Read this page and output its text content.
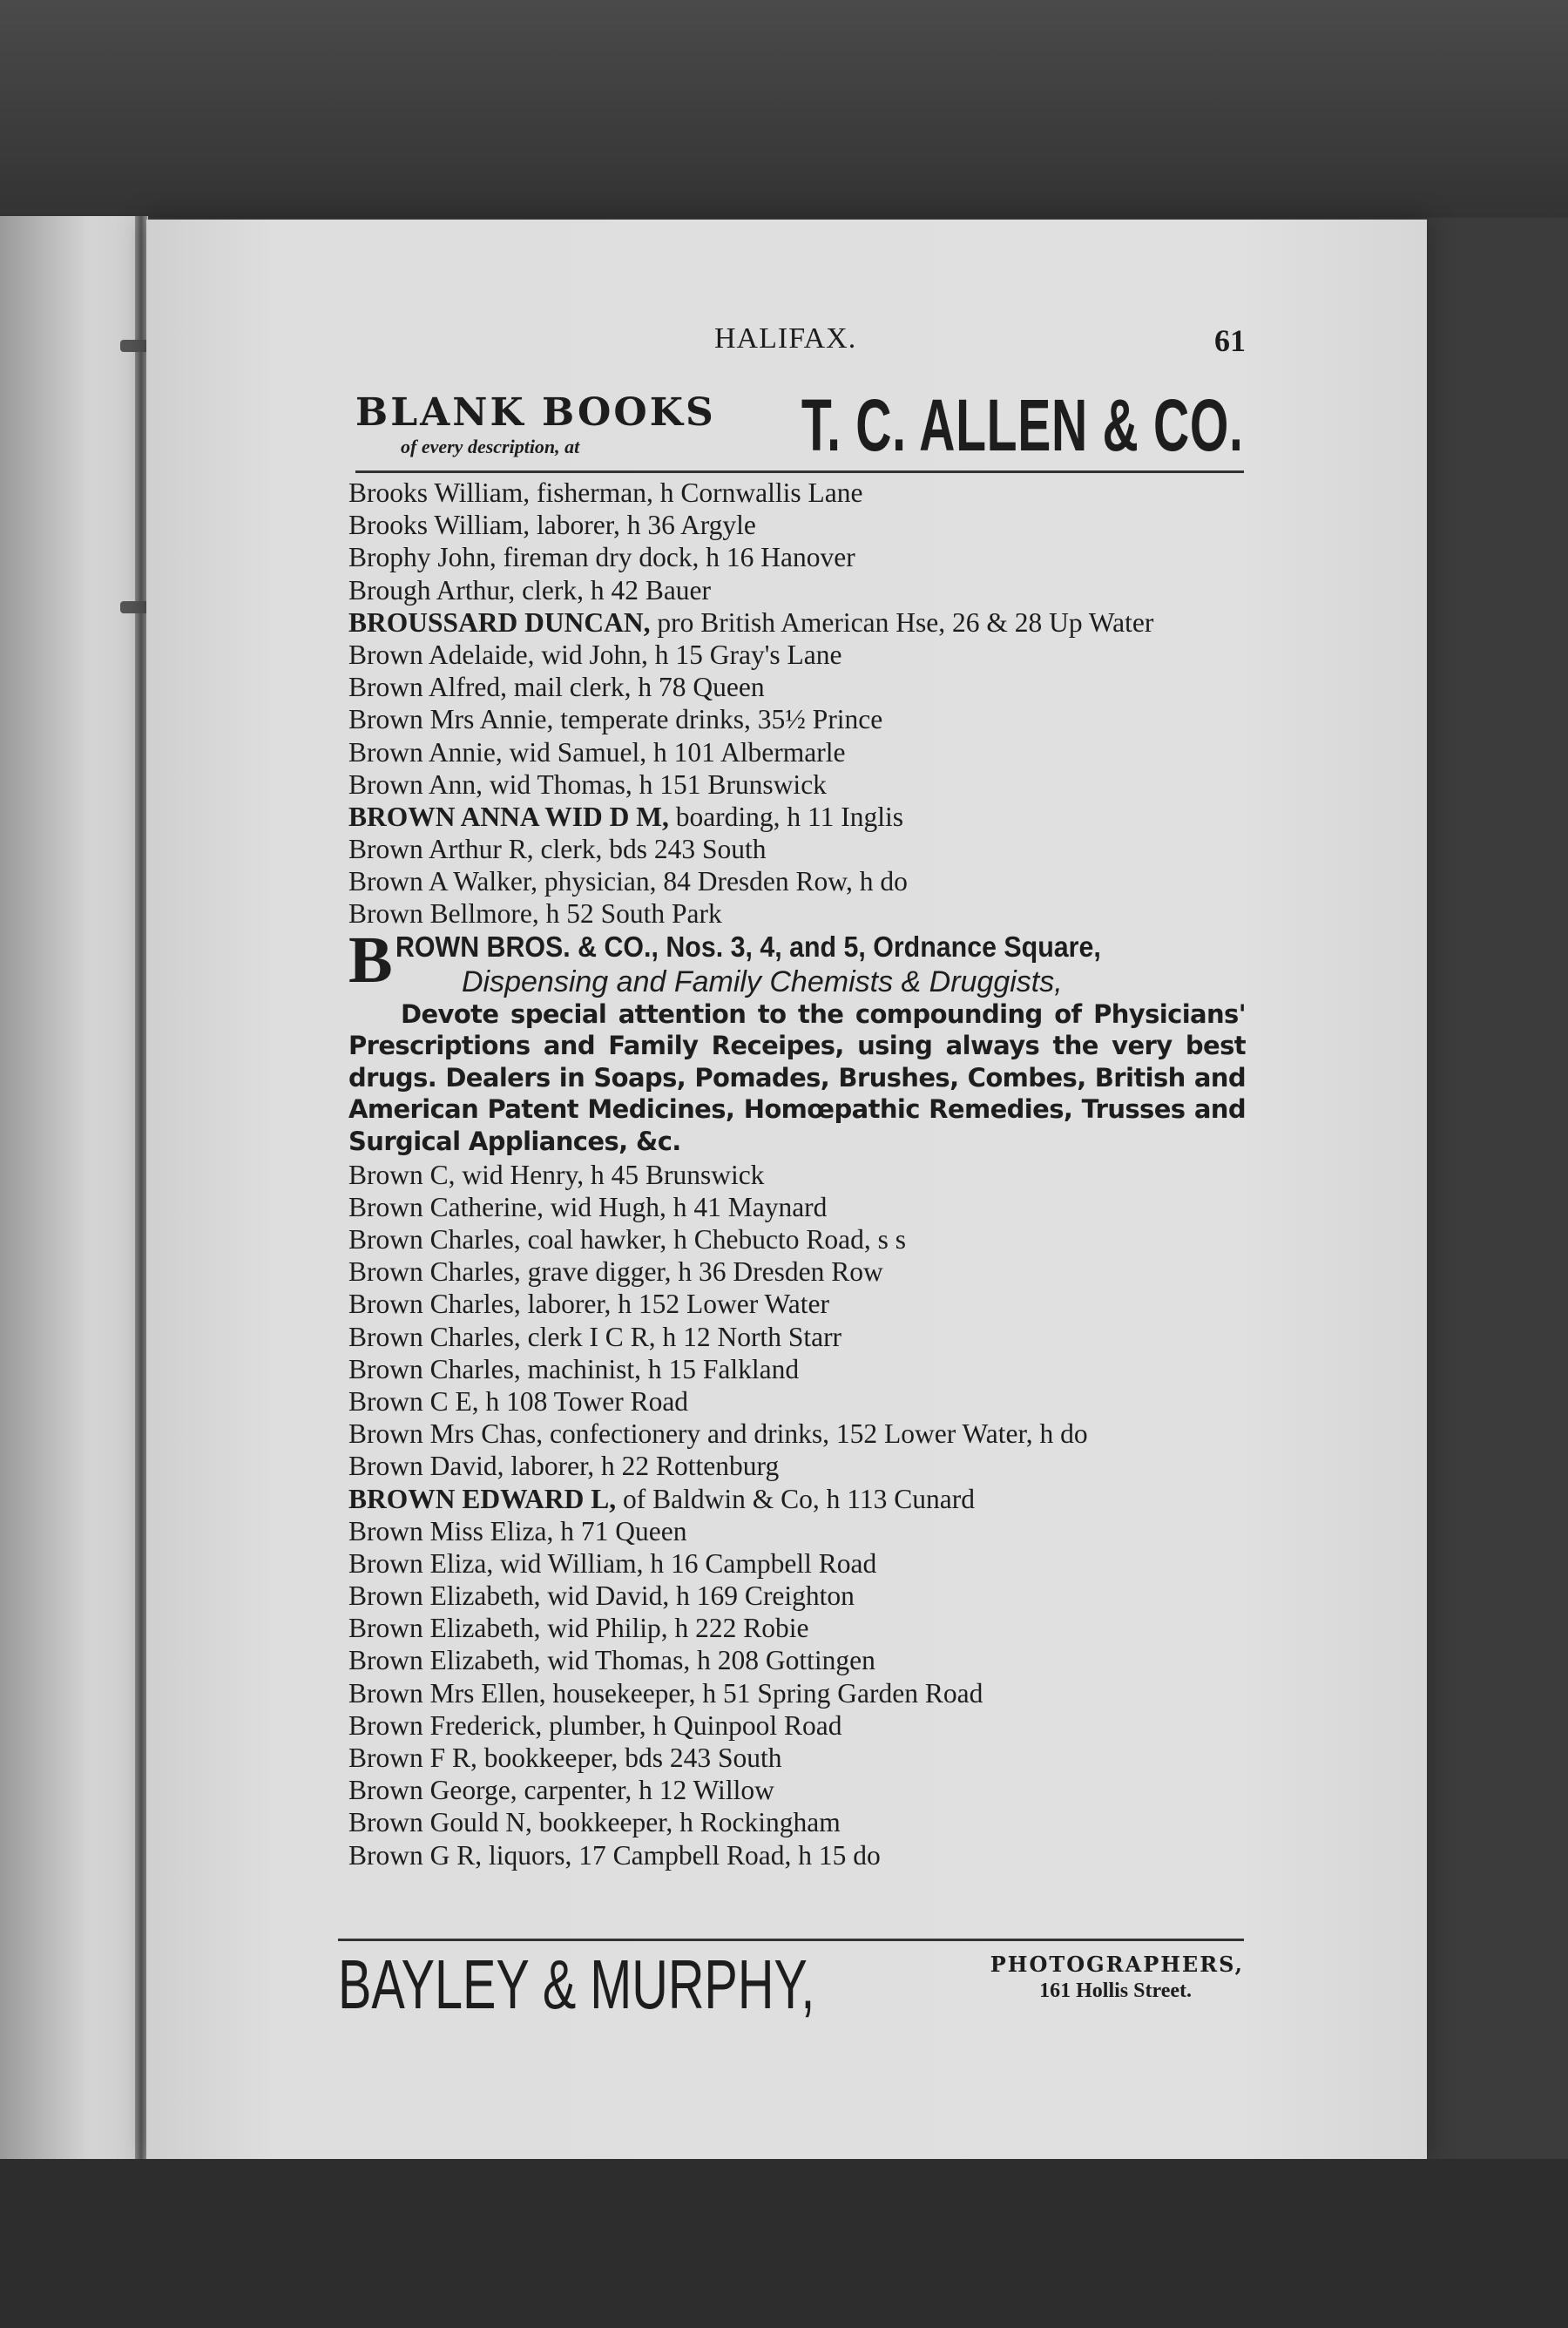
HALIFAX.	61
BLANK BOOKS
of every description, at	T. C. ALLEN & CO.
Brooks William, fisherman, h Cornwallis Lane
Brooks William, laborer, h 36 Argyle
Brophy John, fireman dry dock, h 16 Hanover
Brough Arthur, clerk, h 42 Bauer
BROUSSARD DUNCAN, pro British American Hse, 26 & 28 Up Water
Brown Adelaide, wid John, h 15 Gray's Lane
Brown Alfred, mail clerk, h 78 Queen
Brown Mrs Annie, temperate drinks, 35½ Prince
Brown Annie, wid Samuel, h 101 Albermarle
Brown Ann, wid Thomas, h 151 Brunswick
BROWN ANNA WID D M, boarding, h 11 Inglis
Brown Arthur R, clerk, bds 243 South
Brown A Walker, physician, 84 Dresden Row, h do
Brown Bellmore, h 52 South Park
B ROWN BROS. & CO., Nos. 3, 4, and 5, Ordnance Square,
Dispensing and Family Chemists & Druggists,
Devote special attention to the compounding of Physicians' Prescriptions and Family Receipes, using always the very best drugs. Dealers in Soaps, Pomades, Brushes, Combes, British and American Patent Medicines, Homœpathic Remedies, Trusses and Surgical Appliances, &c.
Brown C, wid Henry, h 45 Brunswick
Brown Catherine, wid Hugh, h 41 Maynard
Brown Charles, coal hawker, h Chebucto Road, s s
Brown Charles, grave digger, h 36 Dresden Row
Brown Charles, laborer, h 152 Lower Water
Brown Charles, clerk I C R, h 12 North Starr
Brown Charles, machinist, h 15 Falkland
Brown C E, h 108 Tower Road
Brown Mrs Chas, confectionery and drinks, 152 Lower Water, h do
Brown David, laborer, h 22 Rottenburg
BROWN EDWARD L, of Baldwin & Co, h 113 Cunard
Brown Miss Eliza, h 71 Queen
Brown Eliza, wid William, h 16 Campbell Road
Brown Elizabeth, wid David, h 169 Creighton
Brown Elizabeth, wid Philip, h 222 Robie
Brown Elizabeth, wid Thomas, h 208 Gottingen
Brown Mrs Ellen, housekeeper, h 51 Spring Garden Road
Brown Frederick, plumber, h Quinpool Road
Brown F R, bookkeeper, bds 243 South
Brown George, carpenter, h 12 Willow
Brown Gould N, bookkeeper, h Rockingham
Brown G R, liquors, 17 Campbell Road, h 15 do
BAYLEY & MURPHY,	PHOTOGRAPHERS,
161 Hollis Street.
